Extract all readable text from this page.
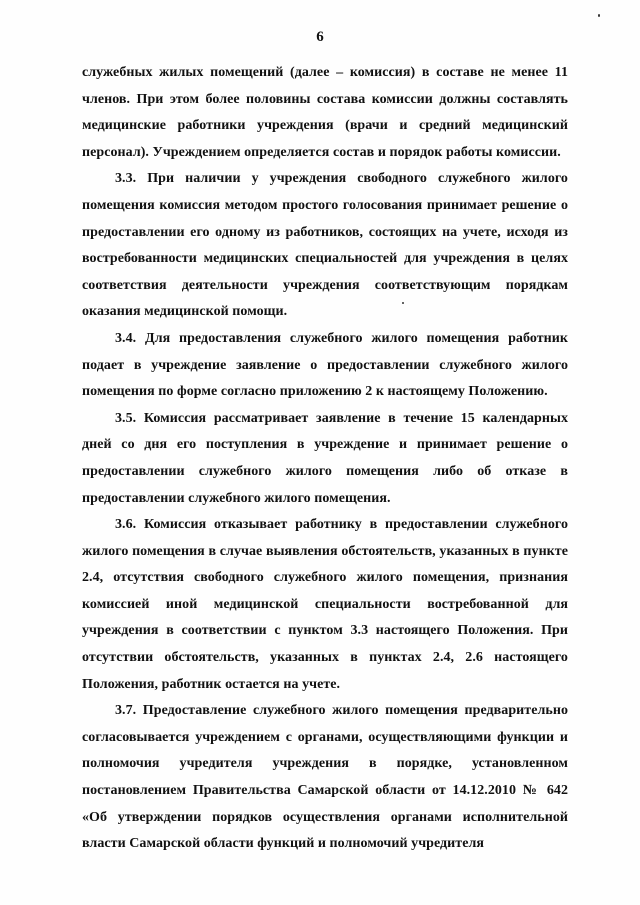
6

служебных жилых помещений (далее – комиссия) в составе не менее 11 членов. При этом более половины состава комиссии должны составлять медицинские работники учреждения (врачи и средний медицинский персонал). Учреждением определяется состав и порядок работы комиссии.

3.3. При наличии у учреждения свободного служебного жилого помещения комиссия методом простого голосования принимает решение о предоставлении его одному из работников, состоящих на учете, исходя из востребованности медицинских специальностей для учреждения в целях соответствия деятельности учреждения соответствующим порядкам оказания медицинской помощи.

3.4. Для предоставления служебного жилого помещения работник подает в учреждение заявление о предоставлении служебного жилого помещения по форме согласно приложению 2 к настоящему Положению.

3.5. Комиссия рассматривает заявление в течение 15 календарных дней со дня его поступления в учреждение и принимает решение о предоставлении служебного жилого помещения либо об отказе в предоставлении служебного жилого помещения.

3.6. Комиссия отказывает работнику в предоставлении служебного жилого помещения в случае выявления обстоятельств, указанных в пункте 2.4, отсутствия свободного служебного жилого помещения, признания комиссией иной медицинской специальности востребованной для учреждения в соответствии с пунктом 3.3 настоящего Положения. При отсутствии обстоятельств, указанных в пунктах 2.4, 2.6 настоящего Положения, работник остается на учете.

3.7. Предоставление служебного жилого помещения предварительно согласовывается учреждением с органами, осуществляющими функции и полномочия учредителя учреждения в порядке, установленном постановлением Правительства Самарской области от 14.12.2010 № 642 «Об утверждении порядков осуществления органами исполнительной власти Самарской области функций и полномочий учредителя
